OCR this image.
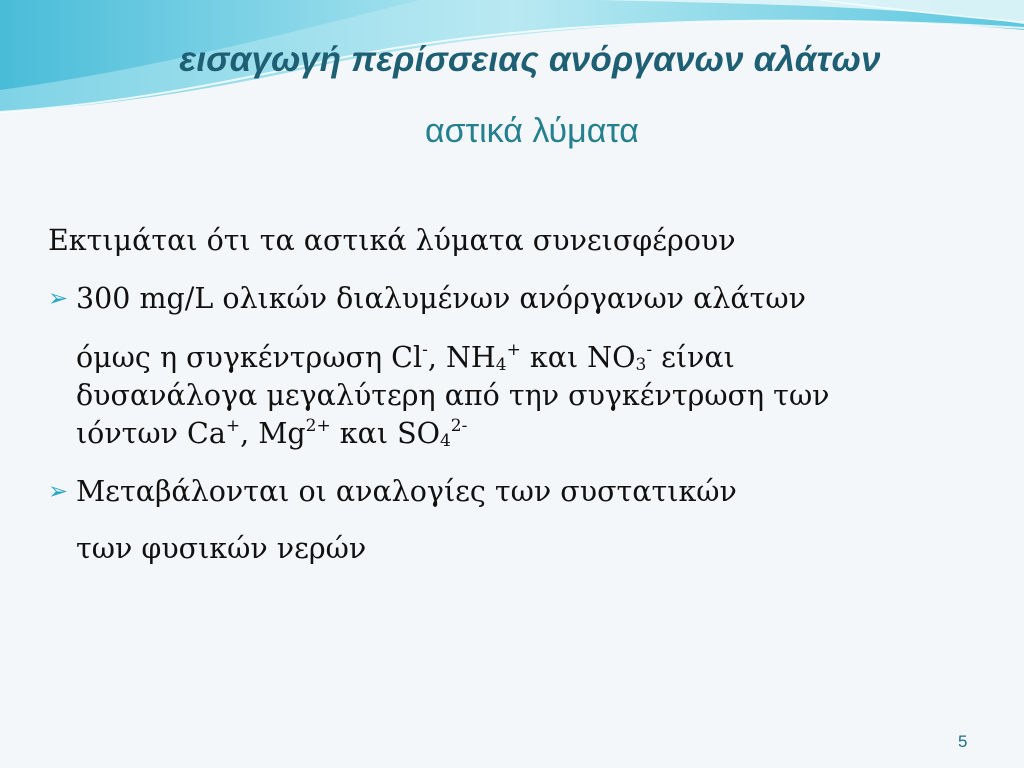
εισαγωγή περίσσειας ανόργανων αλάτων
αστικά λύματα
Εκτιμάται ότι τα αστικά λύματα συνεισφέρουν
➢ 300 mg/L ολικών διαλυμένων ανόργανων αλάτων
όμως η συγκέντρωση Cl-, $NH_4^+$ και $NO_3^-$ είναι
δυσανάλογα μεγαλύτερη από την συγκέντρωση των
ιόντων Ca+, $Mg^{2+}$ και $SO_4^{2-}$
➢ Μεταβάλονται οι αναλογίες των συστατικών
των φυσικών νερών
5
